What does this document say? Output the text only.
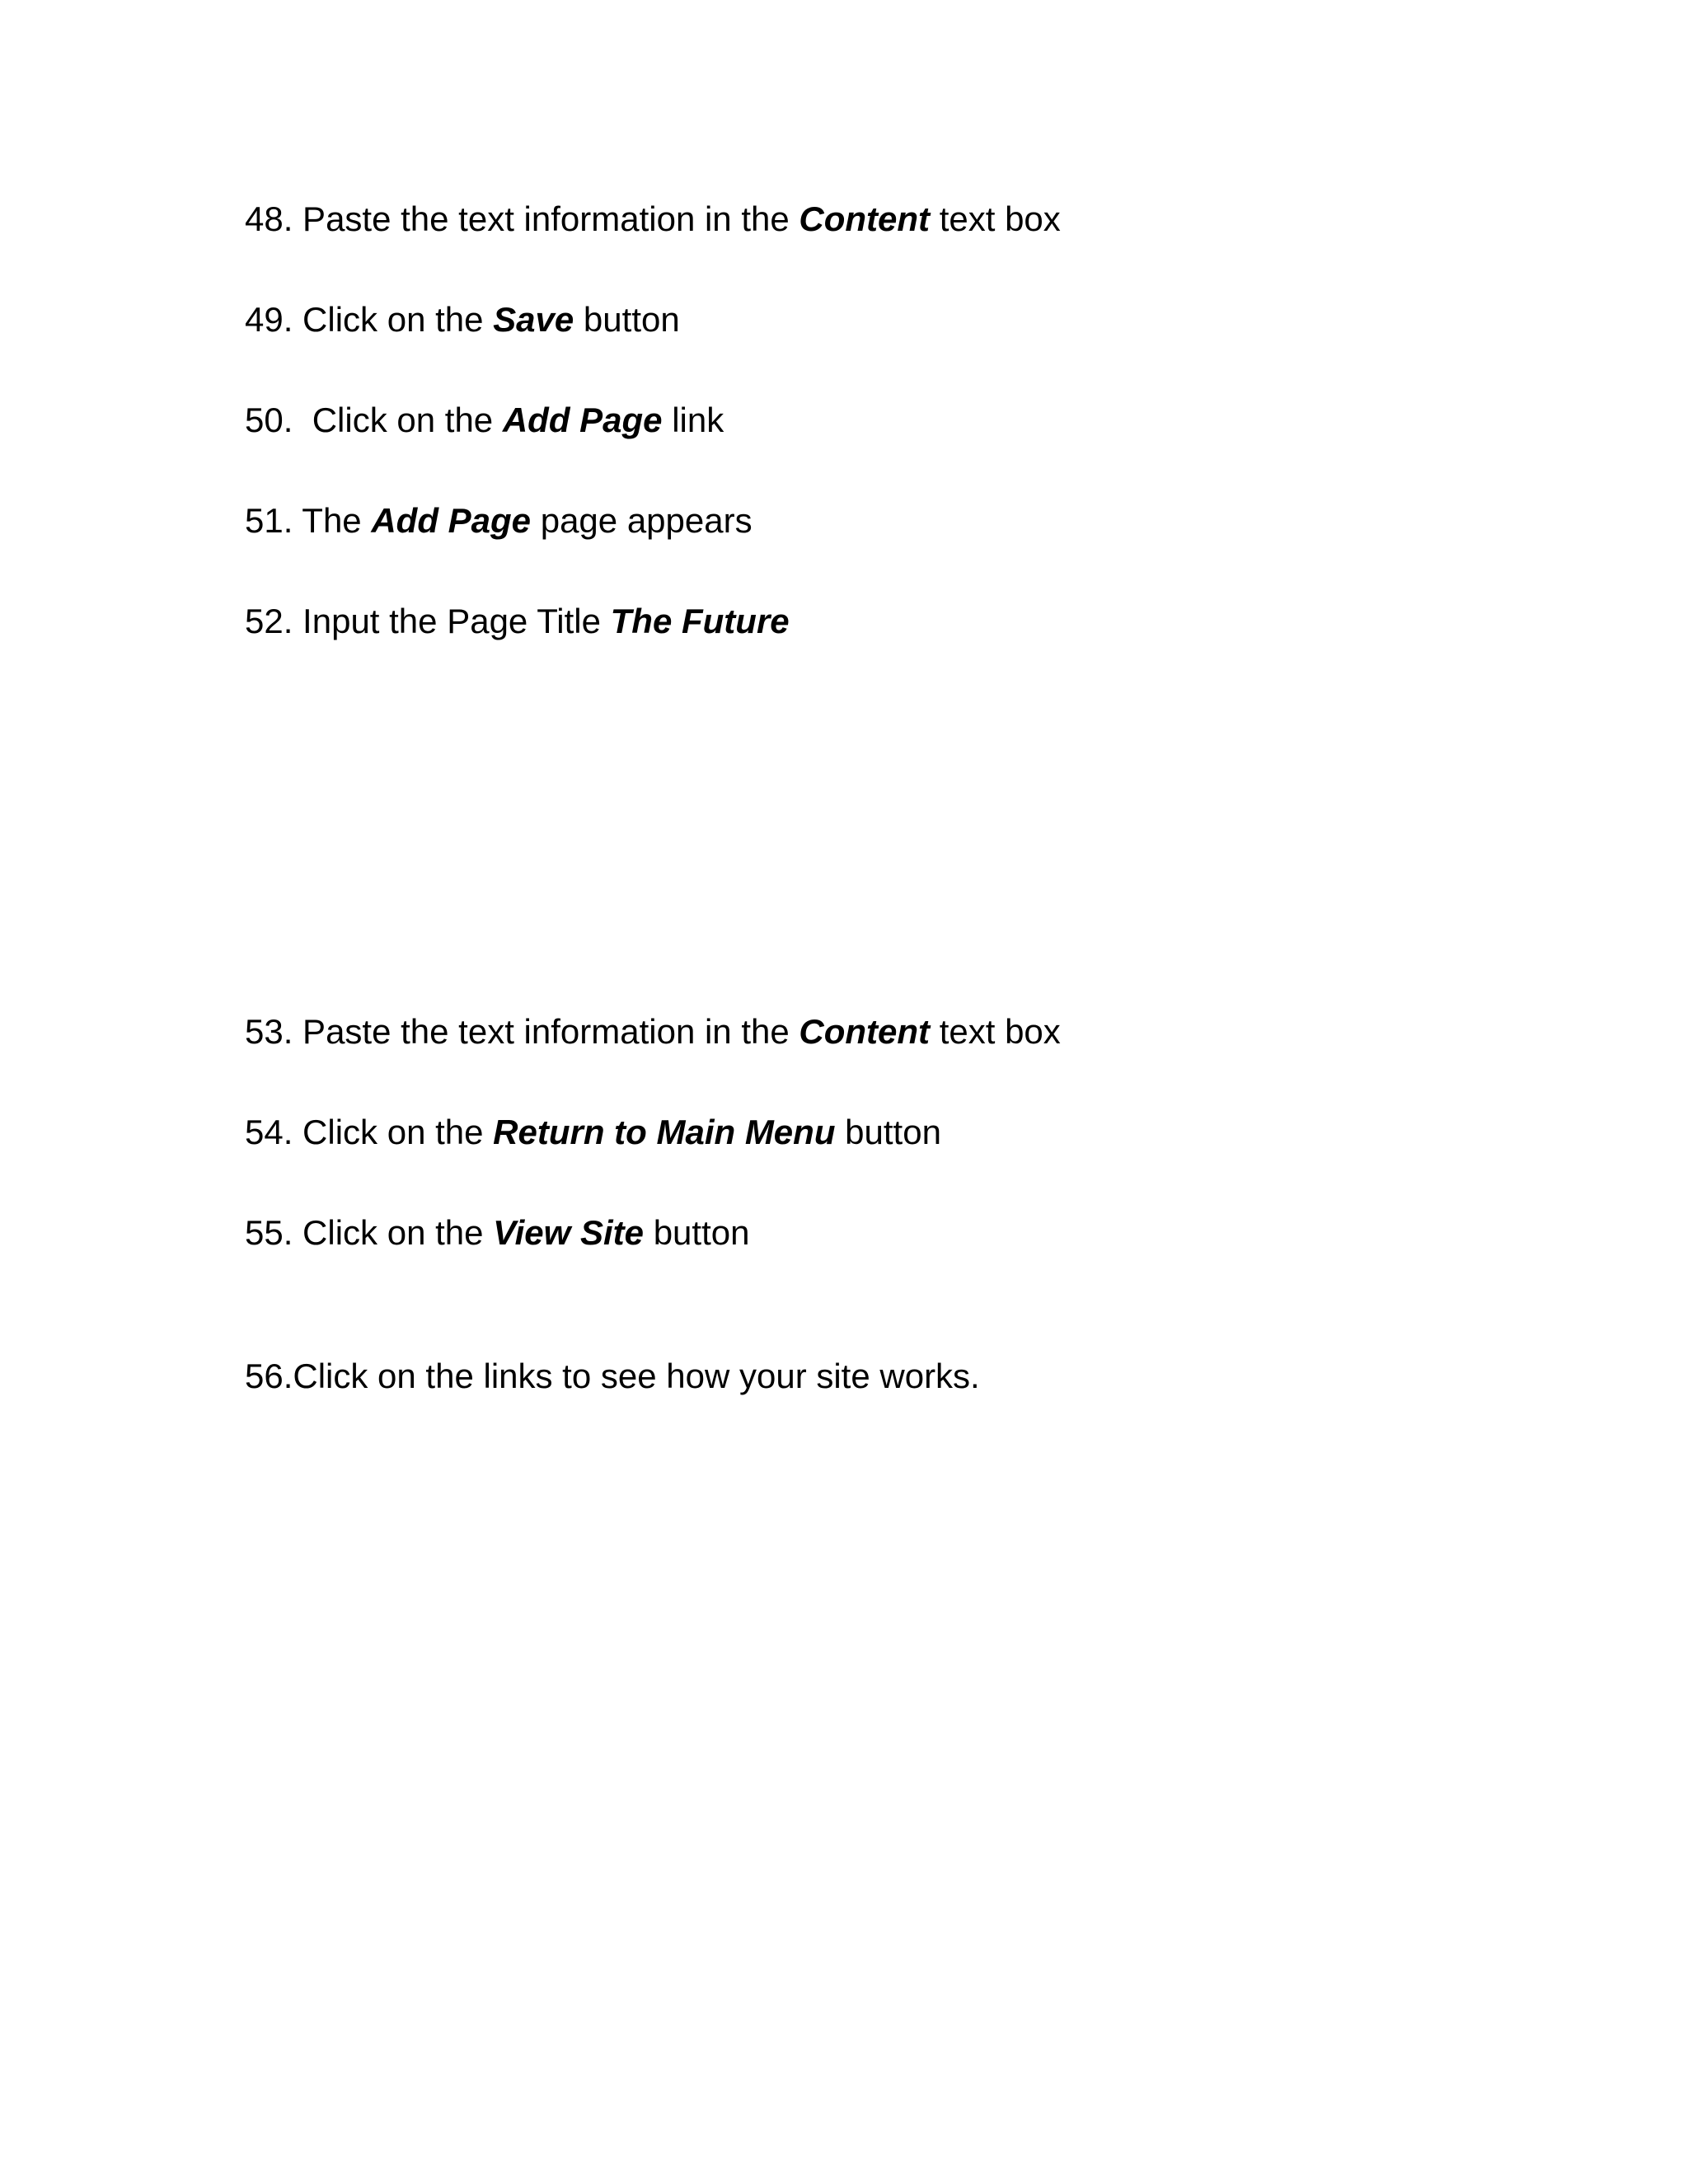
48. Paste the text information in the Content text box

49. Click on the Save button

50.  Click on the Add Page link

51. The Add Page page appears

52. Input the Page Title The Future

53. Paste the text information in the Content text box

54. Click on the Return to Main Menu button

55. Click on the View Site button

56.Click on the links to see how your site works.
